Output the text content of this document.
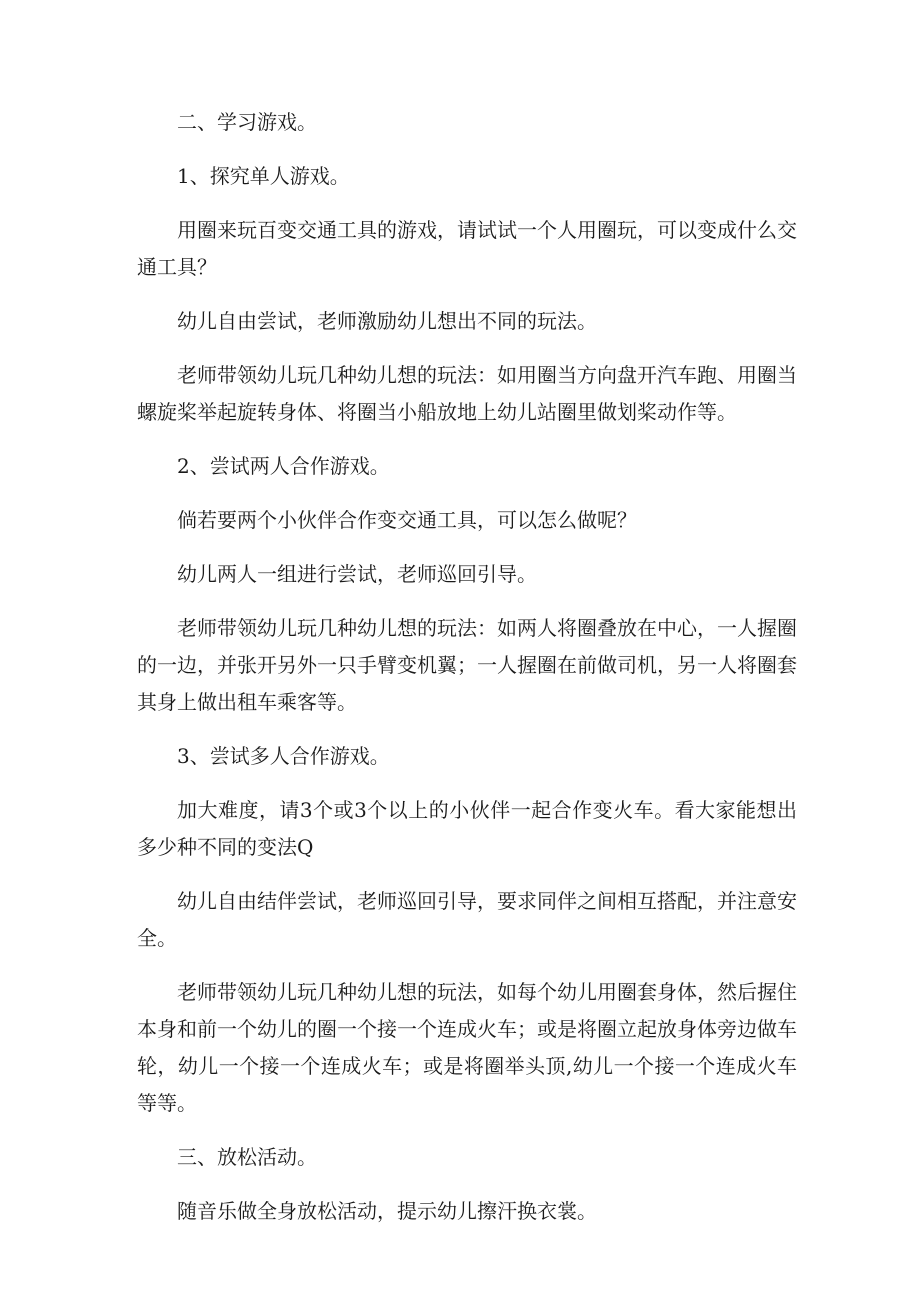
二、学习游戏。

1、探究单人游戏。

用圈来玩百变交通工具的游戏，请试试一个人用圈玩，可以变成什么交通工具？

幼儿自由尝试，老师激励幼儿想出不同的玩法。

老师带领幼儿玩几种幼儿想的玩法：如用圈当方向盘开汽车跑、用圈当螺旋桨举起旋转身体、将圈当小船放地上幼儿站圈里做划桨动作等。

2、尝试两人合作游戏。

倘若要两个小伙伴合作变交通工具，可以怎么做呢？

幼儿两人一组进行尝试，老师巡回引导。

老师带领幼儿玩几种幼儿想的玩法：如两人将圈叠放在中心，一人握圈的一边，并张开另外一只手臂变机翼；一人握圈在前做司机，另一人将圈套其身上做出租车乘客等。

3、尝试多人合作游戏。

加大难度，请3个或3个以上的小伙伴一起合作变火车。看大家能想出多少种不同的变法Q

幼儿自由结伴尝试，老师巡回引导，要求同伴之间相互搭配，并注意安全。

老师带领幼儿玩几种幼儿想的玩法，如每个幼儿用圈套身体，然后握住本身和前一个幼儿的圈一个接一个连成火车；或是将圈立起放身体旁边做车轮，幼儿一个接一个连成火车；或是将圈举头顶,幼儿一个接一个连成火车等等。

三、放松活动。

随音乐做全身放松活动，提示幼儿擦汗换衣裳。
